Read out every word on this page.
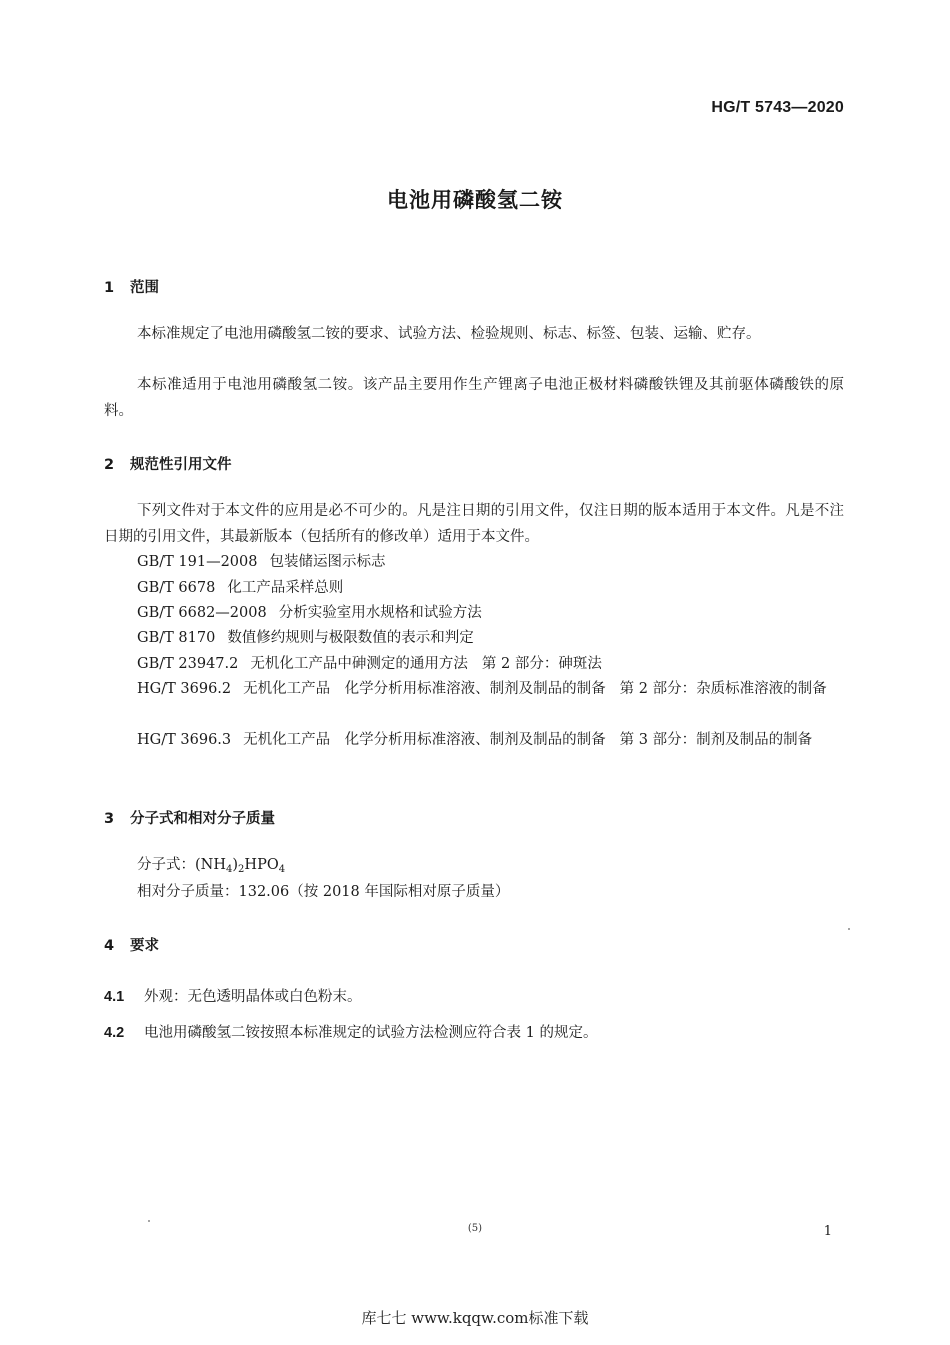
HG/T 5743—2020
电池用磷酸氢二铵
1 范围
本标准规定了电池用磷酸氢二铵的要求、试验方法、检验规则、标志、标签、包装、运输、贮存。
本标准适用于电池用磷酸氢二铵。该产品主要用作生产锂离子电池正极材料磷酸铁锂及其前驱体磷酸铁的原料。
2 规范性引用文件
下列文件对于本文件的应用是必不可少的。凡是注日期的引用文件，仅注日期的版本适用于本文件。凡是不注日期的引用文件，其最新版本（包括所有的修改单）适用于本文件。
GB/T 191—2008 包装储运图示标志
GB/T 6678 化工产品采样总则
GB/T 6682—2008 分析实验室用水规格和试验方法
GB/T 8170 数值修约规则与极限数值的表示和判定
GB/T 23947.2 无机化工产品中砷测定的通用方法 第 2 部分：砷斑法
HG/T 3696.2 无机化工产品　化学分析用标准溶液、制剂及制品的制备 第 2 部分：杂质标准溶液的制备
HG/T 3696.3 无机化工产品　化学分析用标准溶液、制剂及制品的制备 第 3 部分：制剂及制品的制备
3 分子式和相对分子质量
分子式：$(NH_4)_2HPO_4$
相对分子质量：132.06（按 2018 年国际相对原子质量）
4 要求
4.1 外观：无色透明晶体或白色粉末。
4.2 电池用磷酸氢二铵按照本标准规定的试验方法检测应符合表 1 的规定。
(5)	1
库七七 www.kqqw.com标准下载
